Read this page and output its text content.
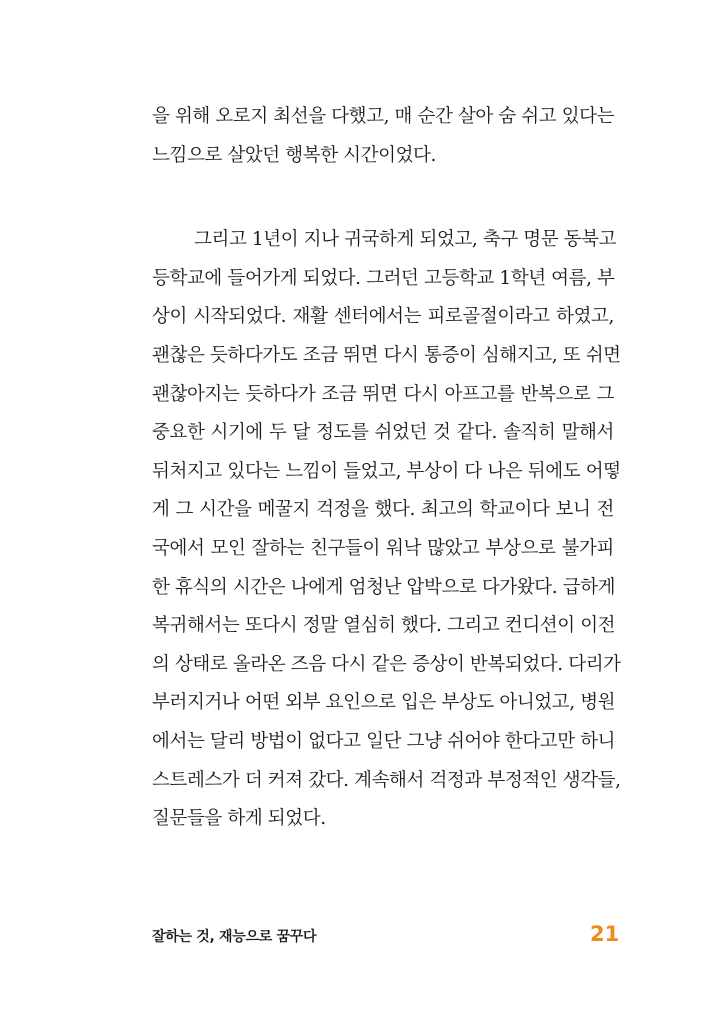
을 위해 오로지 최선을 다했고, 매 순간 살아 숨 쉬고 있다는
느낌으로 살았던 행복한 시간이었다.
그리고 1년이 지나 귀국하게 되었고, 축구 명문 동북고
등학교에 들어가게 되었다. 그러던 고등학교 1학년 여름, 부
상이 시작되었다. 재활 센터에서는 피로골절이라고 하였고,
괜찮은 듯하다가도 조금 뛰면 다시 통증이 심해지고, 또 쉬면
괜찮아지는 듯하다가 조금 뛰면 다시 아프고를 반복으로 그
중요한 시기에 두 달 정도를 쉬었던 것 같다. 솔직히 말해서
뒤처지고 있다는 느낌이 들었고, 부상이 다 나은 뒤에도 어떻
게 그 시간을 메꿀지 걱정을 했다. 최고의 학교이다 보니 전
국에서 모인 잘하는 친구들이 워낙 많았고 부상으로 불가피
한 휴식의 시간은 나에게 엄청난 압박으로 다가왔다. 급하게
복귀해서는 또다시 정말 열심히 했다. 그리고 컨디션이 이전
의 상태로 올라온 즈음 다시 같은 증상이 반복되었다. 다리가
부러지거나 어떤 외부 요인으로 입은 부상도 아니었고, 병원
에서는 달리 방법이 없다고 일단 그냥 쉬어야 한다고만 하니
스트레스가 더 커져 갔다. 계속해서 걱정과 부정적인 생각들,
질문들을 하게 되었다.
잘하는 것, 재능으로 꿈꾸다	21
